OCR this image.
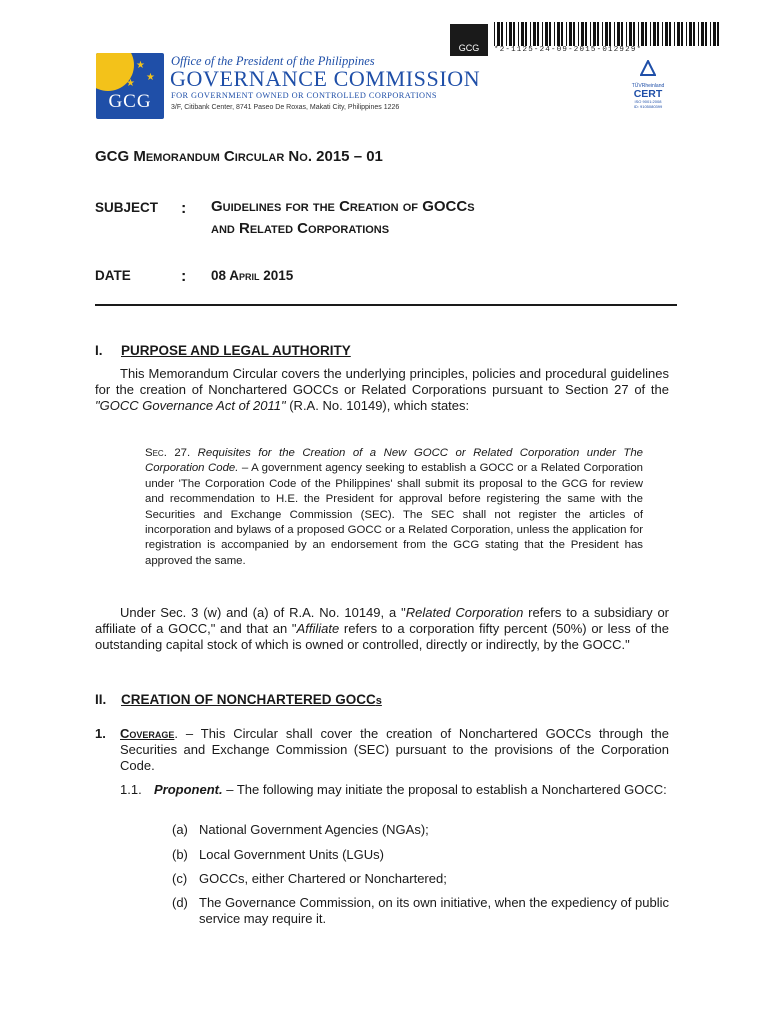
★
★
★
GCG
Office of the President of the Philippines
GOVERNANCE COMMISSION
FOR GOVERNMENT OWNED OR CONTROLLED CORPORATIONS
3/F, Citibank Center, 8741 Paseo De Roxas, Makati City, Philippines 1226
GCG	*2-1125-24-09-2015-012929*
TÜVRheinland
CERT
ISO 9001:2008
ID: 9105080399
GCG Memorandum Circular No. 2015 – 01
SUBJECT : Guidelines for the Creation of GOCCs
and Related Corporations
DATE	: 08 April 2015
I. PURPOSE AND LEGAL AUTHORITY
This Memorandum Circular covers the underlying principles, policies and procedural guidelines for the creation of Nonchartered GOCCs or Related Corporations pursuant to Section 27 of the "GOCC Governance Act of 2011" (R.A. No. 10149), which states:
Sec. 27. Requisites for the Creation of a New GOCC or Related Corporation under The Corporation Code. – A government agency seeking to establish a GOCC or a Related Corporation under 'The Corporation Code of the Philippines' shall submit its proposal to the GCG for review and recommendation to H.E. the President for approval before registering the same with the Securities and Exchange Commission (SEC). The SEC shall not register the articles of incorporation and bylaws of a proposed GOCC or a Related Corporation, unless the application for registration is accompanied by an endorsement from the GCG stating that the President has approved the same.
Under Sec. 3 (w) and (a) of R.A. No. 10149, a "Related Corporation refers to a subsidiary or affiliate of a GOCC," and that an "Affiliate refers to a corporation fifty percent (50%) or less of the outstanding capital stock of which is owned or controlled, directly or indirectly, by the GOCC."
II. CREATION OF NONCHARTERED GOCCs
1. Coverage. – This Circular shall cover the creation of Nonchartered GOCCs through the Securities and Exchange Commission (SEC) pursuant to the provisions of the Corporation Code.
1.1. Proponent. – The following may initiate the proposal to establish a Nonchartered GOCC:
(a) National Government Agencies (NGAs);
(b) Local Government Units (LGUs)
(c) GOCCs, either Chartered or Nonchartered;
(d) The Governance Commission, on its own initiative, when the expediency of public service may require it.
